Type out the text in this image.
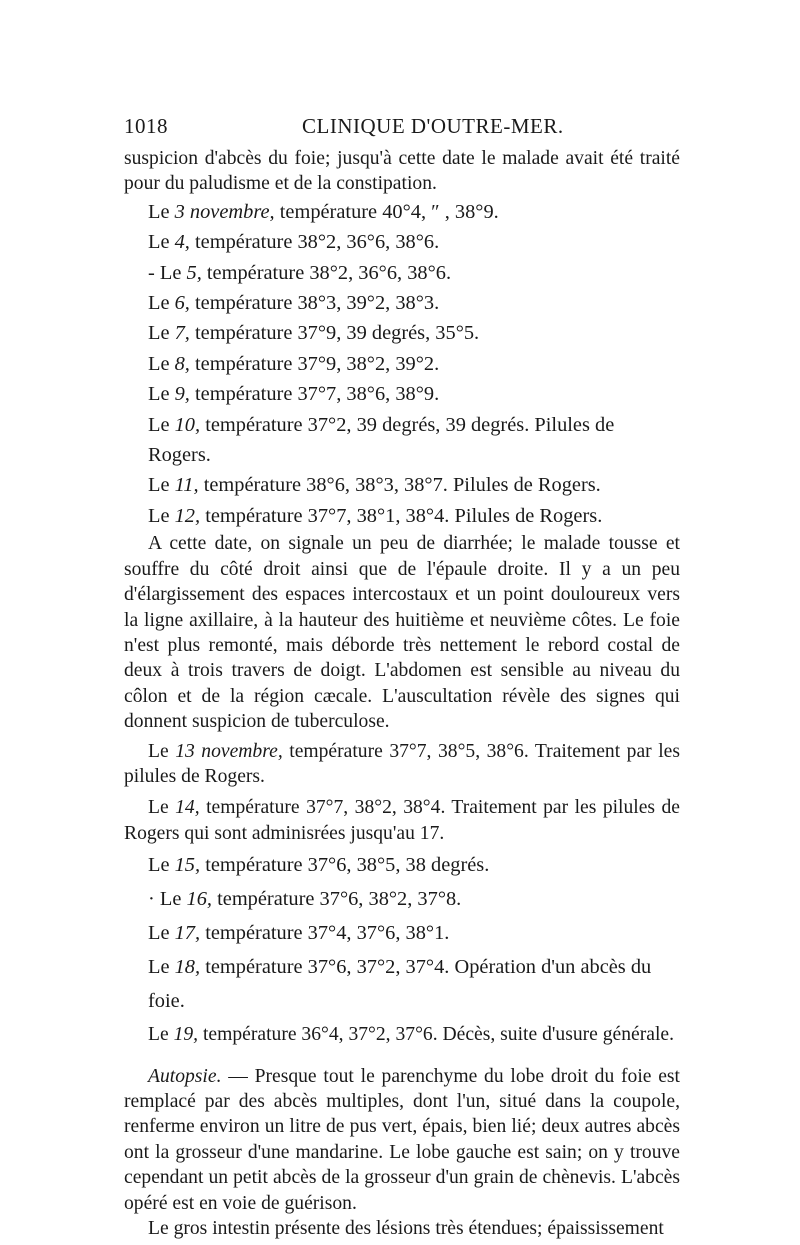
1018	CLINIQUE D'OUTRE-MER.

suspicion d'abcès du foie; jusqu'à cette date le malade avait été traité pour du paludisme et de la constipation.

Le 3 novembre, température 40°4, ″ , 38°9.

Le 4, température 38°2, 36°6, 38°6.

- Le 5, température 38°2, 36°6, 38°6.

Le 6, température 38°3, 39°2, 38°3.

Le 7, température 37°9, 39 degrés, 35°5.

Le 8, température 37°9, 38°2, 39°2.

Le 9, température 37°7, 38°6, 38°9.

Le 10, température 37°2, 39 degrés, 39 degrés. Pilules de Rogers.

Le 11, température 38°6, 38°3, 38°7. Pilules de Rogers.

Le 12, température 37°7, 38°1, 38°4. Pilules de Rogers.

A cette date, on signale un peu de diarrhée; le malade tousse et souffre du côté droit ainsi que de l'épaule droite. Il y a un peu d'élargissement des espaces intercostaux et un point douloureux vers la ligne axillaire, à la hauteur des huitième et neuvième côtes. Le foie n'est plus remonté, mais déborde très nettement le rebord costal de deux à trois travers de doigt. L'abdomen est sensible au niveau du côlon et de la région cæcale. L'auscultation révèle des signes qui donnent suspicion de tuberculose.

Le 13 novembre, température 37°7, 38°5, 38°6. Traitement par les pilules de Rogers.

Le 14, température 37°7, 38°2, 38°4. Traitement par les pilules de Rogers qui sont adminisrées jusqu'au 17.

Le 15, température 37°6, 38°5, 38 degrés.

· Le 16, température 37°6, 38°2, 37°8.

Le 17, température 37°4, 37°6, 38°1.

Le 18, température 37°6, 37°2, 37°4. Opération d'un abcès du foie.

Le 19, température 36°4, 37°2, 37°6. Décès, suite d'usure générale.

Autopsie. — Presque tout le parenchyme du lobe droit du foie est remplacé par des abcès multiples, dont l'un, situé dans la coupole, renferme environ un litre de pus vert, épais, bien lié; deux autres abcès ont la grosseur d'une mandarine. Le lobe gauche est sain; on y trouve cependant un petit abcès de la grosseur d'un grain de chènevis. L'abcès opéré est en voie de guérison.

Le gros intestin présente des lésions très étendues; épaississement
